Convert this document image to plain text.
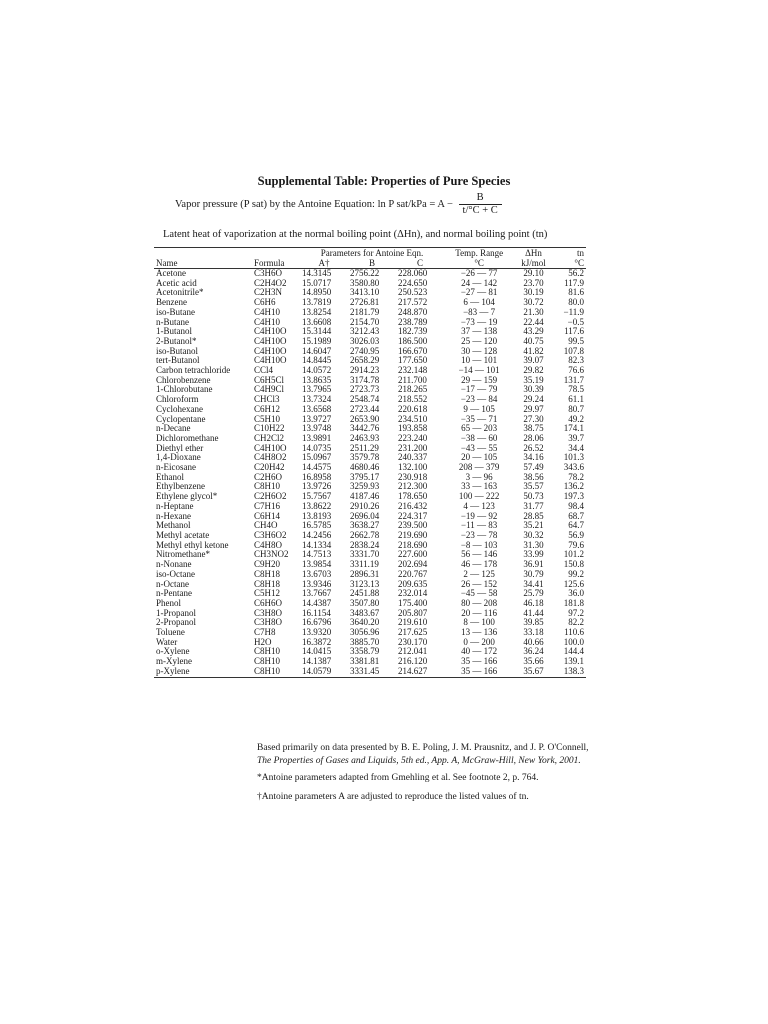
Supplemental Table: Properties of Pure Species
Vapor pressure (P sat) by the Antoine Equation: ln P $sat/kPa = A - \frac{B}{t/^\circ C + C}$
Latent heat of vaporization at the normal boiling point (ΔHn), and normal boiling point (tn)
		Parameters for Antoine Eqn.			Temp. Range	ΔHn	tn
Name	Formula	A†	B	C	°C	kJ/mol	°C
Acetone	C3H6O	14.3145	2756.22	228.060	−26 — 77	29.10	56.2
Acetic acid	C2H4O2	15.0717	3580.80	224.650	24 — 142	23.70	117.9
Acetonitrile*	C2H3N	14.8950	3413.10	250.523	−27 — 81	30.19	81.6
Benzene	C6H6	13.7819	2726.81	217.572	6 — 104	30.72	80.0
iso-Butane	C4H10	13.8254	2181.79	248.870	−83 — 7	21.30	−11.9
n-Butane	C4H10	13.6608	2154.70	238.789	−73 — 19	22.44	−0.5
1-Butanol	C4H10O	15.3144	3212.43	182.739	37 — 138	43.29	117.6
2-Butanol*	C4H10O	15.1989	3026.03	186.500	25 — 120	40.75	99.5
iso-Butanol	C4H10O	14.6047	2740.95	166.670	30 — 128	41.82	107.8
tert-Butanol	C4H10O	14.8445	2658.29	177.650	10 — 101	39.07	82.3
Carbon tetrachloride	CCl4	14.0572	2914.23	232.148	−14 — 101	29.82	76.6
Chlorobenzene	C6H5Cl	13.8635	3174.78	211.700	29 — 159	35.19	131.7
1-Chlorobutane	C4H9Cl	13.7965	2723.73	218.265	−17 — 79	30.39	78.5
Chloroform	CHCl3	13.7324	2548.74	218.552	−23 — 84	29.24	61.1
Cyclohexane	C6H12	13.6568	2723.44	220.618	9 — 105	29.97	80.7
Cyclopentane	C5H10	13.9727	2653.90	234.510	−35 — 71	27.30	49.2
n-Decane	C10H22	13.9748	3442.76	193.858	65 — 203	38.75	174.1
Dichloromethane	CH2Cl2	13.9891	2463.93	223.240	−38 — 60	28.06	39.7
Diethyl ether	C4H10O	14.0735	2511.29	231.200	−43 — 55	26.52	34.4
1,4-Dioxane	C4H8O2	15.0967	3579.78	240.337	20 — 105	34.16	101.3
n-Eicosane	C20H42	14.4575	4680.46	132.100	208 — 379	57.49	343.6
Ethanol	C2H6O	16.8958	3795.17	230.918	3 — 96	38.56	78.2
Ethylbenzene	C8H10	13.9726	3259.93	212.300	33 — 163	35.57	136.2
Ethylene glycol*	C2H6O2	15.7567	4187.46	178.650	100 — 222	50.73	197.3
n-Heptane	C7H16	13.8622	2910.26	216.432	4 — 123	31.77	98.4
n-Hexane	C6H14	13.8193	2696.04	224.317	−19 — 92	28.85	68.7
Methanol	CH4O	16.5785	3638.27	239.500	−11 — 83	35.21	64.7
Methyl acetate	C3H6O2	14.2456	2662.78	219.690	−23 — 78	30.32	56.9
Methyl ethyl ketone	C4H8O	14.1334	2838.24	218.690	−8 — 103	31.30	79.6
Nitromethane*	CH3NO2	14.7513	3331.70	227.600	56 — 146	33.99	101.2
n-Nonane	C9H20	13.9854	3311.19	202.694	46 — 178	36.91	150.8
iso-Octane	C8H18	13.6703	2896.31	220.767	2 — 125	30.79	99.2
n-Octane	C8H18	13.9346	3123.13	209.635	26 — 152	34.41	125.6
n-Pentane	C5H12	13.7667	2451.88	232.014	−45 — 58	25.79	36.0
Phenol	C6H6O	14.4387	3507.80	175.400	80 — 208	46.18	181.8
1-Propanol	C3H8O	16.1154	3483.67	205.807	20 — 116	41.44	97.2
2-Propanol	C3H8O	16.6796	3640.20	219.610	8 — 100	39.85	82.2
Toluene	C7H8	13.9320	3056.96	217.625	13 — 136	33.18	110.6
Water	H2O	16.3872	3885.70	230.170	0 — 200	40.66	100.0
o-Xylene	C8H10	14.0415	3358.79	212.041	40 — 172	36.24	144.4
m-Xylene	C8H10	14.1387	3381.81	216.120	35 — 166	35.66	139.1
p-Xylene	C8H10	14.0579	3331.45	214.627	35 — 166	35.67	138.3

Based primarily on data presented by B. E. Poling, J. M. Prausnitz, and J. P. O'Connell,
The Properties of Gases and Liquids, 5th ed., App. A, McGraw-Hill, New York, 2001.
*Antoine parameters adapted from Gmehling et al. See footnote 2, p. 764.
†Antoine parameters A are adjusted to reproduce the listed values of tn.
